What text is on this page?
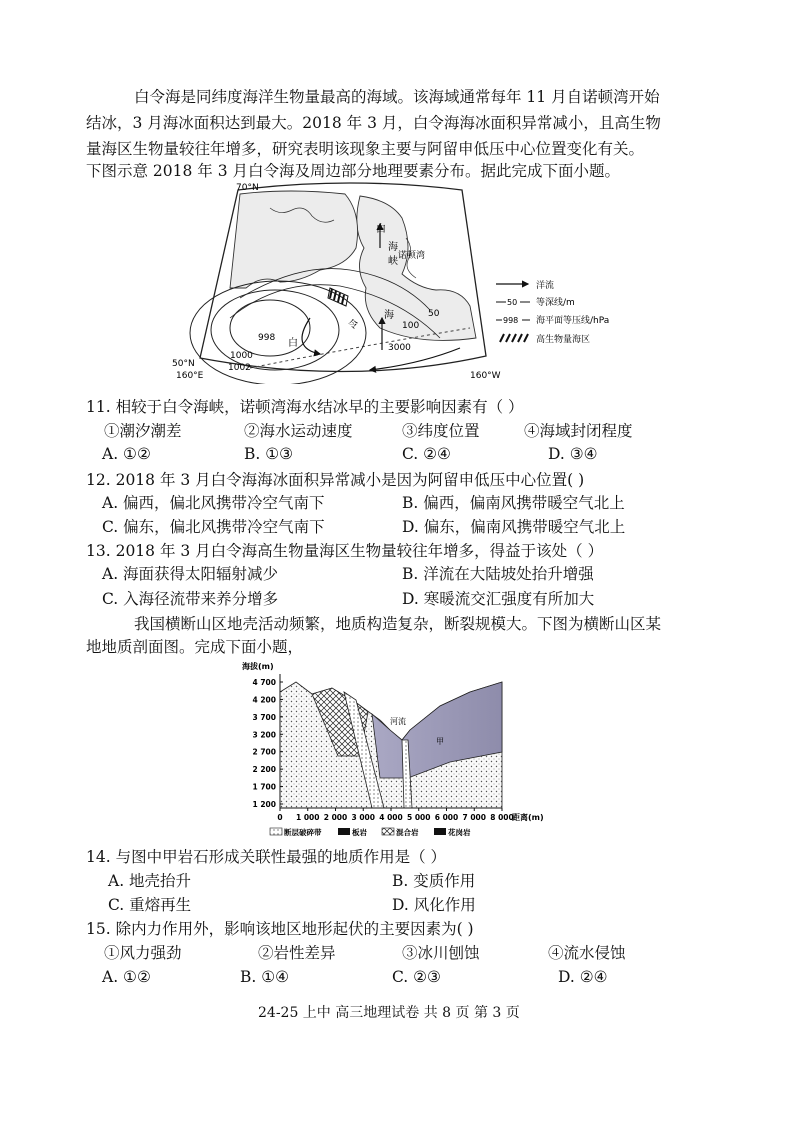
白令海是同纬度海洋生物量最高的海域。该海域通常每年 11 月自诺顿湾开始
结冰，3 月海冰面积达到最大。2018 年 3 月，白令海海冰面积异常减小，且高生物
量海区生物量较往年增多，研究表明该现象主要与阿留申低压中心位置变化有关。
下图示意 2018 年 3 月白令海及周边部分地理要素分布。据此完成下面小题。
70°N
50°N
160°E	160°W
白
海
峡 诺顿湾
令
海
白
令
998
1000
1002
3000
100
50
洋流
50 等深线/m
998 海平面等压线/hPa
高生物量海区
11. 相较于白令海峡，诺顿湾海水结冰早的主要影响因素有（ ）
①潮汐潮差	②海水运动速度	③纬度位置	④海域封闭程度
A. ①②	B. ①③	C. ②④	D. ③④
12. 2018 年 3 月白令海海冰面积异常减小是因为阿留申低压中心位置( )
A. 偏西，偏北风携带冷空气南下	B. 偏西，偏南风携带暖空气北上
C. 偏东，偏北风携带冷空气南下	D. 偏东，偏南风携带暖空气北上
13. 2018 年 3 月白令海高生物量海区生物量较往年增多，得益于该处（ ）
A. 海面获得太阳辐射减少	B. 洋流在大陆坡处抬升增强
C. 入海径流带来养分增多	D. 寒暖流交汇强度有所加大
我国横断山区地壳活动频繁，地质构造复杂，断裂规模大。下图为横断山区某
地地质剖面图。完成下面小题，
海拔(m)
4 700
4 200
3 700
3 200
2 700
2 200
1 700
1 200
0 1 000 2 000 3 000 4 000 5 000 6 000 7 000 8 000
距离(m)
河流
甲
断层破碎带	板岩	混合岩	花岗岩
14. 与图中甲岩石形成关联性最强的地质作用是（ ）
A. 地壳抬升	B. 变质作用
C. 重熔再生	D. 风化作用
15. 除内力作用外，影响该地区地形起伏的主要因素为( )
①风力强劲	②岩性差异	③冰川刨蚀	④流水侵蚀
A. ①②	B. ①④	C. ②③	D. ②④
24-25 上中 高三地理试卷 共 8 页 第 3 页
